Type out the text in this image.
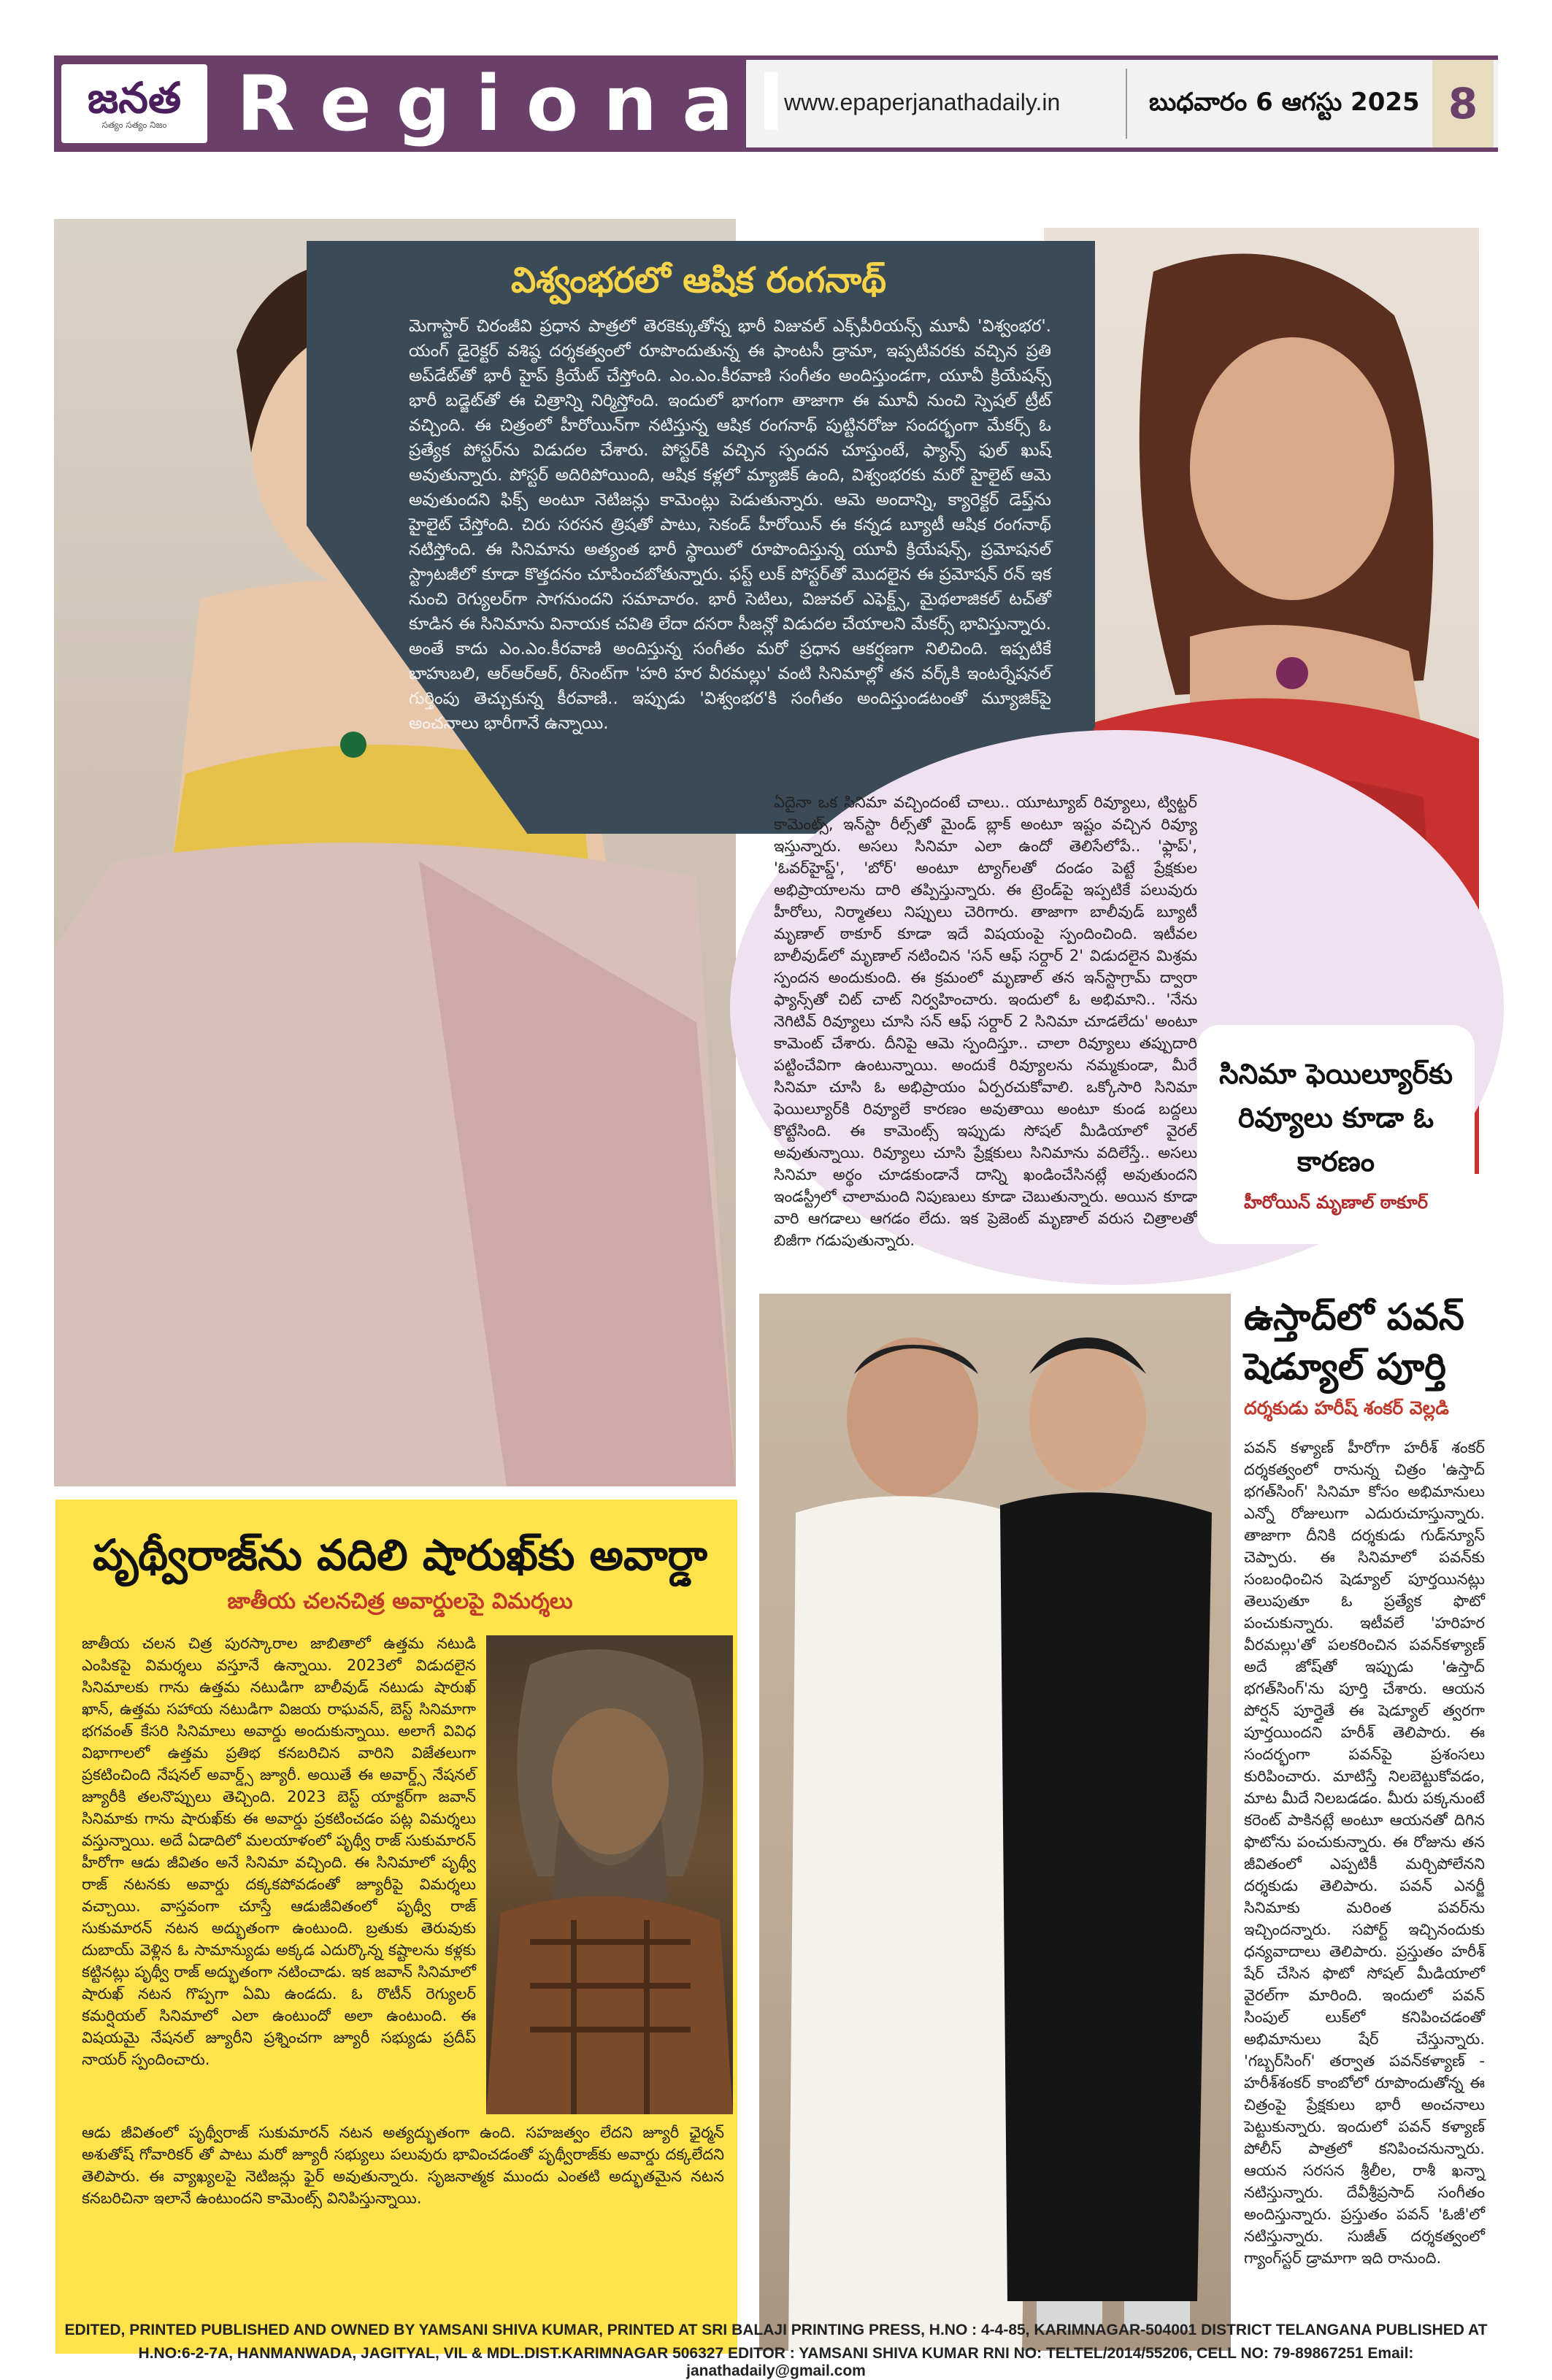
జనత
సత్యం సత్యం నిజం Regional
www.epaperjanathadaily.in	బుధవారం 6 ఆగస్టు 2025 8
విశ్వంభరలో ఆషిక రంగనాథ్
మెగాస్టార్ చిరంజీవి ప్రధాన పాత్రలో తెరకెక్కుతోన్న భారీ విజువల్ ఎక్స్‌పీరియన్స్ మూవీ 'విశ్వంభర'. యంగ్ డైరెక్టర్ వశిష్ఠ దర్శకత్వంలో రూపొందుతున్న ఈ ఫాంటసీ డ్రామా, ఇప్పటివరకు వచ్చిన ప్రతి అప్‌డేట్‌తో భారీ హైప్ క్రియేట్ చేస్తోంది. ఎం.ఎం.కీరవాణి సంగీతం అందిస్తుండగా, యూవీ క్రియేషన్స్ భారీ బడ్జెట్‌తో ఈ చిత్రాన్ని నిర్మిస్తోంది. ఇందులో భాగంగా తాజాగా ఈ మూవీ నుంచి స్పెషల్ ట్రీట్ వచ్చింది. ఈ చిత్రంలో హీరోయిన్‌గా నటిస్తున్న ఆషిక రంగనాథ్ పుట్టినరోజు సందర్భంగా మేకర్స్ ఓ ప్రత్యేక పోస్టర్‌ను విడుదల చేశారు. పోస్టర్‌కి వచ్చిన స్పందన చూస్తుంటే, ఫ్యాన్స్ ఫుల్ ఖుష్ అవుతున్నారు. పోస్టర్ అదిరిపోయింది, ఆషిక కళ్లలో మ్యాజిక్ ఉంది, విశ్వంభరకు మరో హైలైట్ ఆమె అవుతుందని ఫిక్స్ అంటూ నెటిజన్లు కామెంట్లు పెడుతున్నారు. ఆమె అందాన్ని, క్యారెక్టర్ డెప్త్‌ను హైలైట్ చేస్తోంది. చిరు సరసన త్రిషతో పాటు, సెకండ్ హీరోయిన్ ఈ కన్నడ బ్యూటీ ఆషిక రంగనాథ్ నటిస్తోంది. ఈ సినిమాను అత్యంత భారీ స్థాయిలో రూపొందిస్తున్న యూవీ క్రియేషన్స్, ప్రమోషనల్ స్ట్రాటజీలో కూడా కొత్తదనం చూపించబోతున్నారు. ఫస్ట్ లుక్ పోస్టర్‌తో మొదలైన ఈ ప్రమోషన్ రన్ ఇక నుంచి రెగ్యులర్‌గా సాగనుందని సమాచారం. భారీ సెటిలు, విజువల్ ఎఫెక్ట్స్, మైథలాజికల్ టచ్‌తో కూడిన ఈ సినిమాను వినాయక చవితి లేదా దసరా సీజన్లో విడుదల చేయాలని మేకర్స్ భావిస్తున్నారు. అంతే కాదు ఎం.ఎం.కీరవాణి అందిస్తున్న సంగీతం మరో ప్రధాన ఆకర్షణగా నిలిచింది. ఇప్పటికే బాహుబలి, ఆర్ఆర్ఆర్, రీసెంట్‌గా 'హరి హర వీరమల్లు' వంటి సినిమాల్లో తన వర్క్‌కి ఇంటర్నేషనల్ గుర్తింపు తెచ్చుకున్న కీరవాణి.. ఇప్పుడు 'విశ్వంభర'కి సంగీతం అందిస్తుండటంతో మ్యూజిక్‌పై అంచనాలు భారీగానే ఉన్నాయి.
ఏదైనా ఒక సినిమా వచ్చిందంటే చాలు.. యూట్యూబ్ రివ్యూలు, ట్విట్టర్ కామెంట్స్, ఇన్‌స్టా రీల్స్‌తో మైండ్ బ్లాక్ అంటూ ఇష్టం వచ్చిన రివ్యూ ఇస్తున్నారు. అసలు సినిమా ఎలా ఉందో తెలిసేలోపే.. 'ఫ్లాప్', 'ఓవర్‌హైప్డ్', 'బోర్' అంటూ ట్యాగ్‌లతో దండం పెట్టే ప్రేక్షకుల అభిప్రాయాలను దారి తప్పిస్తున్నారు. ఈ ట్రెండ్‌పై ఇప్పటికే పలువురు హీరోలు, నిర్మాతలు నిప్పులు చెరిగారు. తాజాగా బాలీవుడ్ బ్యూటీ మృణాల్ ఠాకూర్ కూడా ఇదే విషయంపై స్పందించింది. ఇటీవల బాలీవుడ్‌లో మృణాల్ నటించిన 'సన్ ఆఫ్ సర్దార్ 2' విడుదలైన మిశ్రమ స్పందన అందుకుంది. ఈ క్రమంలో మృణాల్ తన ఇన్‌స్టాగ్రామ్ ద్వారా ఫ్యాన్స్‌తో చిట్ చాట్ నిర్వహించారు. ఇందులో ఓ అభిమాని.. 'నేను నెగిటివ్ రివ్యూలు చూసి సన్ ఆఫ్ సర్దార్ 2 సినిమా చూడలేదు' అంటూ కామెంట్ చేశారు. దీనిపై ఆమె స్పందిస్తూ.. చాలా రివ్యూలు తప్పుదారి పట్టించేవిగా ఉంటున్నాయి. అందుకే రివ్యూలను నమ్మకుండా, మీరే సినిమా చూసి ఓ అభిప్రాయం ఏర్పరచుకోవాలి. ఒక్కోసారి సినిమా ఫెయిల్యూర్‌కి రివ్యూలే కారణం అవుతాయి అంటూ కుండ బద్దలు కొట్టేసింది. ఈ కామెంట్స్ ఇప్పుడు సోషల్ మీడియాలో వైరల్ అవుతున్నాయి. రివ్యూలు చూసి ప్రేక్షకులు సినిమాను వదిలేస్తే.. అసలు సినిమా అర్థం చూడకుండానే దాన్ని ఖండించేసినట్లే అవుతుందని ఇండస్ట్రీలో చాలామంది నిపుణులు కూడా చెబుతున్నారు. అయిన కూడా వారి ఆగడాలు ఆగడం లేదు. ఇక ప్రెజెంట్ మృణాల్ వరుస చిత్రాలతో బిజీగా గడుపుతున్నారు.
సినిమా ఫెయిల్యూర్‌కు రివ్యూలు కూడా ఓ కారణం
హీరోయిన్ మృణాల్ ఠాకూర్
పృథ్వీరాజ్‌ను వదిలి షారుఖ్‌కు అవార్డా
జాతీయ చలనచిత్ర అవార్డులపై విమర్శలు
జాతీయ చలన చిత్ర పురస్కారాల జాబితాలో ఉత్తమ నటుడి ఎంపికపై విమర్శలు వస్తూనే ఉన్నాయి. 2023లో విడుదలైన సినిమాలకు గాను ఉత్తమ నటుడిగా బాలీవుడ్ నటుడు షారుఖ్ ఖాన్, ఉత్తమ సహాయ నటుడిగా విజయ రాఘవన్, బెస్ట్ సినిమాగా భగవంత్ కేసరి సినిమాలు అవార్డు అందుకున్నాయి. అలాగే వివిధ విభాగాలలో ఉత్తమ ప్రతిభ కనబరిచిన వారిని విజేతలుగా ప్రకటించింది నేషనల్ అవార్డ్స్ జ్యూరీ. అయితే ఈ అవార్డ్స్ నేషనల్ జ్యూరీకి తలనొప్పులు తెచ్చింది. 2023 బెస్ట్ యాక్టర్‌గా జవాన్ సినిమాకు గాను షారుఖ్‌కు ఈ అవార్డు ప్రకటించడం పట్ల విమర్శలు వస్తున్నాయి. అదే ఏడాదిలో మలయాళంలో పృథ్వీ రాజ్ సుకుమారన్ హీరోగా ఆడు జీవితం అనే సినిమా వచ్చింది. ఈ సినిమాలో పృథ్వీ రాజ్ నటనకు అవార్డు దక్కకపోవడంతో జ్యూరీపై విమర్శలు వచ్చాయి. వాస్తవంగా చూస్తే ఆడుజీవితంలో పృథ్వీ రాజ్ సుకుమారన్ నటన అద్భుతంగా ఉంటుంది. బ్రతుకు తెరువుకు దుబాయ్ వెళ్లిన ఓ సామాన్యుడు అక్కడ ఎదుర్కొన్న కష్టాలను కళ్లకు కట్టినట్లు పృథ్వీ రాజ్ అద్భుతంగా నటించాడు. ఇక జవాన్ సినిమాలో షారుఖ్ నటన గొప్పగా ఏమి ఉండదు. ఓ రొటీన్ రెగ్యులర్ కమర్షియల్ సినిమాలో ఎలా ఉంటుందో అలా ఉంటుంది. ఈ విషయమై నేషనల్ జ్యూరీని ప్రశ్నించగా జ్యూరీ సభ్యుడు ప్రదీప్ నాయర్ స్పందించారు.
ఆడు జీవితంలో పృథ్వీరాజ్ సుకుమారన్ నటన అత్యద్భుతంగా ఉంది. సహజత్వం లేదని జ్యూరీ ఛైర్మన్ అశుతోష్ గోవారికర్ తో పాటు మరో జ్యూరీ సభ్యులు పలువురు భావించడంతో పృథ్వీరాజ్‌కు అవార్డు దక్కలేదని తెలిపారు. ఈ వ్యాఖ్యలపై నెటిజన్లు ఫైర్ అవుతున్నారు. సృజనాత్మక ముందు ఎంతటి అద్భుతమైన నటన కనబరిచినా ఇలానే ఉంటుందని కామెంట్స్ వినిపిస్తున్నాయి.
ఉస్తాద్‌లో పవన్ షెడ్యూల్ పూర్తి
దర్శకుడు హరీష్ శంకర్ వెల్లడి
పవన్ కళ్యాణ్ హీరోగా హరీశ్ శంకర్ దర్శకత్వంలో రానున్న చిత్రం 'ఉస్తాద్ భగత్‌సింగ్' సినిమా కోసం అభిమానులు ఎన్నో రోజులుగా ఎదురుచూస్తున్నారు. తాజాగా దీనికి దర్శకుడు గుడ్‌న్యూస్ చెప్పారు. ఈ సినిమాలో పవన్‌కు సంబంధించిన షెడ్యూల్ పూర్తయినట్లు తెలుపుతూ ఓ ప్రత్యేక ఫొటో పంచుకున్నారు. ఇటీవలే 'హరిహర వీరమల్లు'తో పలకరించిన పవన్‌కళ్యాణ్ అదే జోష్‌తో ఇప్పుడు 'ఉస్తాద్ భగత్‌సింగ్'ను పూర్తి చేశారు. ఆయన పోర్షన్ పూర్తైతే ఈ షెడ్యూల్ త్వరగా పూర్తయిందని హరీశ్ తెలిపారు. ఈ సందర్భంగా పవన్‌పై ప్రశంసలు కురిపించారు. మాటిస్తే నిలబెట్టుకోవడం, మాట మీదే నిలబడడం. మీరు పక్కనుంటే కరెంట్ పాకినట్లే అంటూ ఆయనతో దిగిన ఫొటోను పంచుకున్నారు. ఈ రోజును తన జీవితంలో ఎప్పటికీ మర్చిపోలేనని దర్శకుడు తెలిపారు. పవన్ ఎనర్జీ సినిమాకు మరింత పవర్‌ను ఇచ్చిందన్నారు. సపోర్ట్ ఇచ్చినందుకు ధన్యవాదాలు తెలిపారు. ప్రస్తుతం హరీశ్ షేర్ చేసిన ఫొటో సోషల్ మీడియాలో వైరల్‌గా మారింది. ఇందులో పవన్ సింపుల్ లుక్‌లో కనిపించడంతో అభిమానులు షేర్ చేస్తున్నారు. 'గబ్బర్‌సింగ్' తర్వాత పవన్‌కళ్యాణ్ - హరీశ్‌శంకర్ కాంబోలో రూపొందుతోన్న ఈ చిత్రంపై ప్రేక్షకులు భారీ అంచనాలు పెట్టుకున్నారు. ఇందులో పవన్ కళ్యాణ్ పోలీస్ పాత్రలో కనిపించనున్నారు. ఆయన సరసన శ్రీలీల, రాశీ ఖన్నా నటిస్తున్నారు. దేవీశ్రీప్రసాద్ సంగీతం అందిస్తున్నారు. ప్రస్తుతం పవన్ 'ఓజీ'లో నటిస్తున్నారు. సుజీత్ దర్శకత్వంలో గ్యాంగ్‌స్టర్ డ్రామాగా ఇది రానుంది.
EDITED, PRINTED PUBLISHED AND OWNED BY YAMSANI SHIVA KUMAR, PRINTED AT SRI BALAJI PRINTING PRESS, H.NO : 4-4-85, KARIMNAGAR-504001 DISTRICT TELANGANA PUBLISHED AT
H.NO:6-2-7A, HANMANWADA, JAGITYAL, VIL & MDL.DIST.KARIMNAGAR 506327 EDITOR : YAMSANI SHIVA KUMAR RNI NO: TELTEL/2014/55206, CELL NO: 79-89867251 Email: janathadaily@gmail.com
